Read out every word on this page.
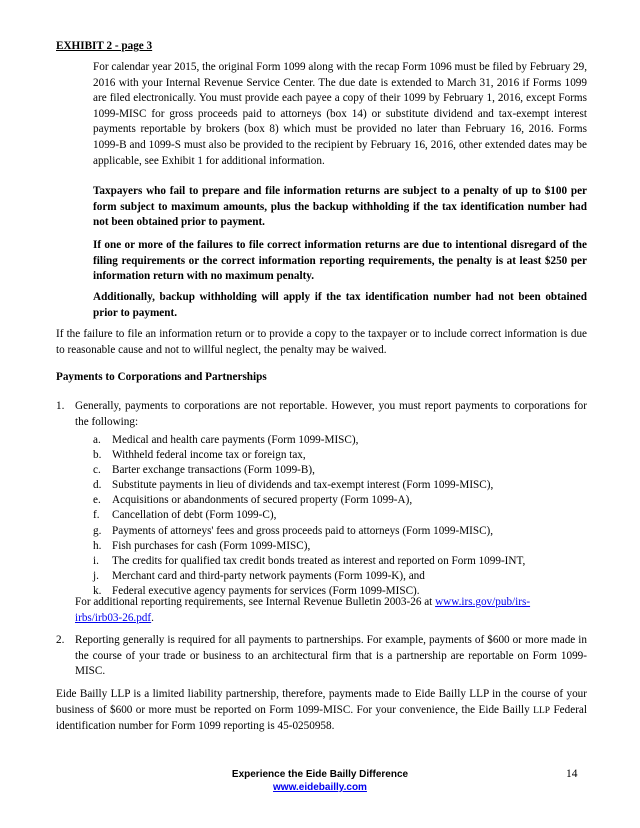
EXHIBIT 2 - page 3

For calendar year 2015, the original Form 1099 along with the recap Form 1096 must be filed by February 29, 2016 with your Internal Revenue Service Center. The due date is extended to March 31, 2016 if Forms 1099 are filed electronically. You must provide each payee a copy of their 1099 by February 1, 2016, except Forms 1099-MISC for gross proceeds paid to attorneys (box 14) or substitute dividend and tax-exempt interest payments reportable by brokers (box 8) which must be provided no later than February 16, 2016. Forms 1099-B and 1099-S must also be provided to the recipient by February 16, 2016, other extended dates may be applicable, see Exhibit 1 for additional information.

Taxpayers who fail to prepare and file information returns are subject to a penalty of up to $100 per form subject to maximum amounts, plus the backup withholding if the tax identification number had not been obtained prior to payment.

If one or more of the failures to file correct information returns are due to intentional disregard of the filing requirements or the correct information reporting requirements, the penalty is at least $250 per information return with no maximum penalty.

Additionally, backup withholding will apply if the tax identification number had not been obtained prior to payment.

If the failure to file an information return or to provide a copy to the taxpayer or to include correct information is due to reasonable cause and not to willful neglect, the penalty may be waived.

Payments to Corporations and Partnerships
1. Generally, payments to corporations are not reportable. However, you must report payments to corporations for the following:
a. Medical and health care payments (Form 1099-MISC),
b. Withheld federal income tax or foreign tax,
c. Barter exchange transactions (Form 1099-B),
d. Substitute payments in lieu of dividends and tax-exempt interest (Form 1099-MISC),
e. Acquisitions or abandonments of secured property (Form 1099-A),
f. Cancellation of debt (Form 1099-C),
g. Payments of attorneys' fees and gross proceeds paid to attorneys (Form 1099-MISC),
h. Fish purchases for cash (Form 1099-MISC),
i. The credits for qualified tax credit bonds treated as interest and reported on Form 1099-INT,
j. Merchant card and third-party network payments (Form 1099-K), and
k. Federal executive agency payments for services (Form 1099-MISC).

For additional reporting requirements, see Internal Revenue Bulletin 2003-26 at www.irs.gov/pub/irs-irbs/irb03-26.pdf.

2. Reporting generally is required for all payments to partnerships. For example, payments of $600 or more made in the course of your trade or business to an architectural firm that is a partnership are reportable on Form 1099-MISC.

Eide Bailly LLP is a limited liability partnership, therefore, payments made to Eide Bailly LLP in the course of your business of $600 or more must be reported on Form 1099-MISC. For your convenience, the Eide Bailly LLP Federal identification number for Form 1099 reporting is 45-0250958.

Experience the Eide Bailly Difference
www.eidebailly.com
14
